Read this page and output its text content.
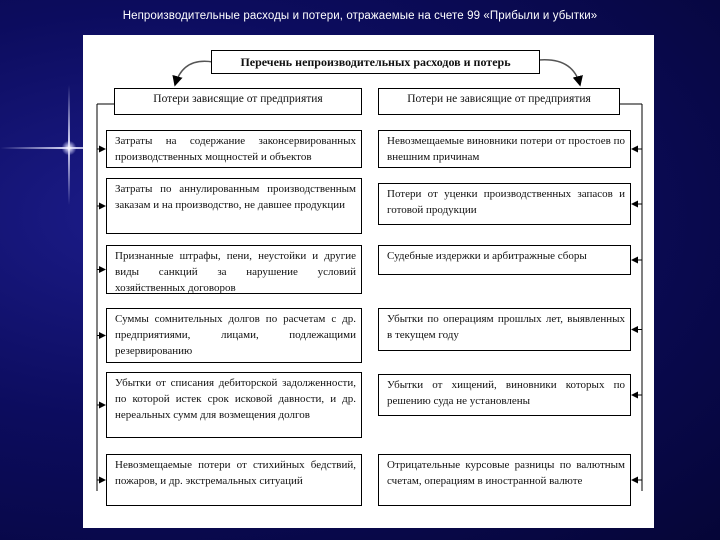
Непроизводительные расходы и потери, отражаемые на счете 99 «Прибыли и убытки»
Перечень непроизводительных расходов и потерь
Потери зависящие от предприятия	Потери не зависящие от предприятия
Затраты на содержание законсервированных производственных мощностей и объектов
Затраты по аннулированным производственным заказам и на производство, не давшее продукции
Признанные штрафы, пени, неустойки и другие виды санкций за нарушение условий хозяйственных договоров
Суммы сомнительных долгов по расчетам с др. предприятиями, лицами, подлежащими резервированию
Убытки от списания дебиторской задолженности, по которой истек срок исковой давности, и др. нереальных сумм для возмещения долгов
Невозмещаемые потери от стихийных бедствий, пожаров, и др. экстремальных ситуаций
Невозмещаемые виновники потери от простоев по внешним причинам
Потери от уценки производственных запасов и готовой продукции
Судебные издержки и арбитражные сборы
Убытки по операциям прошлых лет, выявленных в текущем году
Убытки от хищений, виновники которых по решению суда не установлены
Отрицательные курсовые разницы по валютным счетам, операциям в иностранной валюте
